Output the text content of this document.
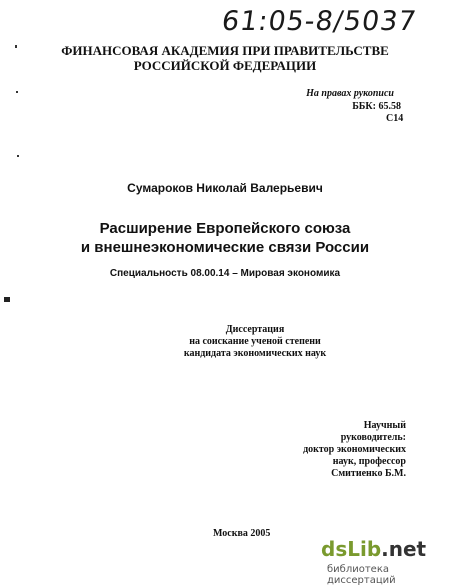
61:05-8/5037
ФИНАНСОВАЯ АКАДЕМИЯ ПРИ ПРАВИТЕЛЬСТВЕ
РОССИЙСКОЙ ФЕДЕРАЦИИ
На правах рукописи
ББК: 65.58
С14
Сумароков Николай Валерьевич
Расширение Европейского союза
и внешнеэкономические связи России
Специальность 08.00.14 – Мировая экономика
Диссертация
на соискание ученой степени
кандидата экономических наук
Научный руководитель:
доктор экономических
наук, профессор
Смитиенко Б.М.
Москва 2005
dsLib.net
библиотека диссертаций
